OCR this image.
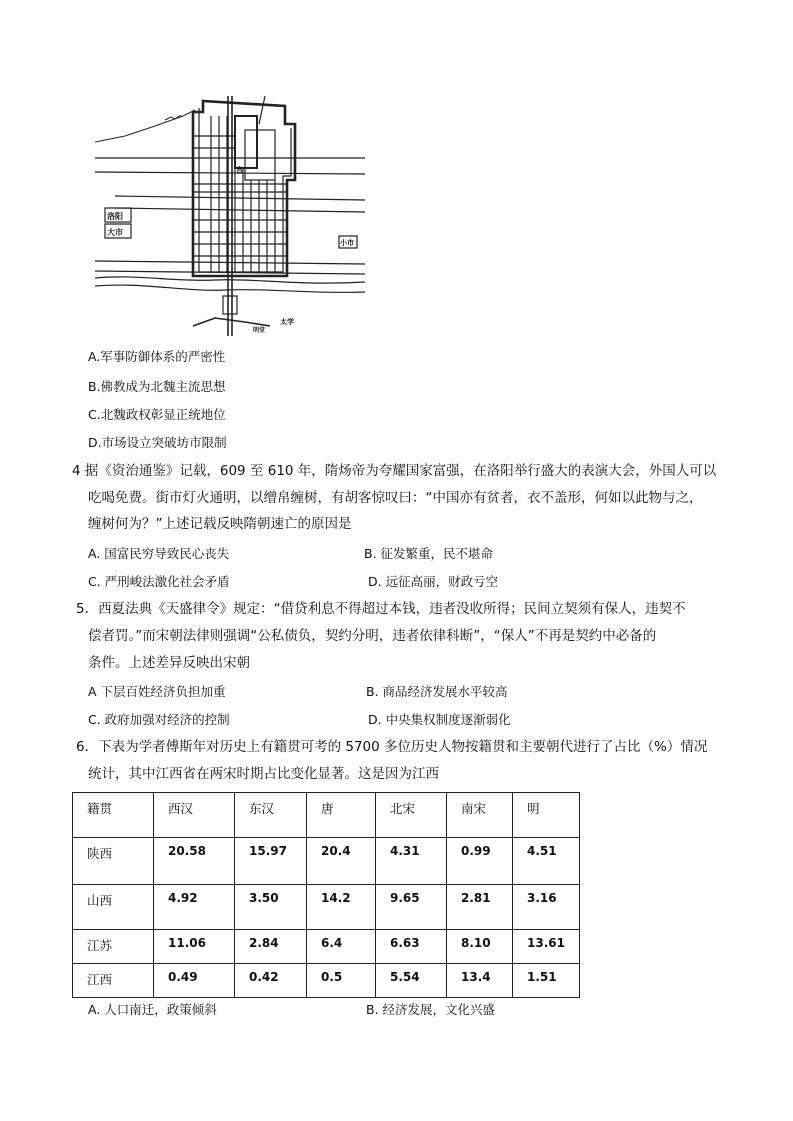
洛阳
大市
小市
宫
太学
明堂
A.军事防御体系的严密性
B.佛教成为北魏主流思想
C.北魏政权彰显正统地位
D.市场设立突破坊市限制
4 据《资治通鉴》记载，609 至 610 年，隋炀帝为夸耀国家富强，在洛阳举行盛大的表演大会，外国人可以
吃喝免费。街市灯火通明，以缯帛缠树，有胡客惊叹曰：“中国亦有贫者，衣不盖形，何如以此物与之，
缠树何为？”上述记载反映隋朝速亡的原因是
A. 国富民穷导致民心丧失	B. 征发繁重，民不堪命
C. 严刑峻法激化社会矛盾	D. 远征高丽，财政亏空
5．西夏法典《天盛律令》规定：“借贷利息不得超过本钱，违者没收所得；民间立契须有保人，违契不
偿者罚。”而宋朝法律则强调“公私债负，契约分明，违者依律科断”，“保人”不再是契约中必备的
条件。上述差异反映出宋朝
A 下层百姓经济负担加重	B. 商品经济发展水平较高
C. 政府加强对经济的控制	D. 中央集权制度逐渐弱化
6．下表为学者傅斯年对历史上有籍贯可考的 5700 多位历史人物按籍贯和主要朝代进行了占比（%）情况
统计，其中江西省在两宋时期占比变化显著。这是因为江西
籍贯	西汉	东汉	唐	北宋	南宋	明
陕西	20.58	15.97	20.4	4.31	0.99	4.51
山西	4.92	3.50	14.2	9.65	2.81	3.16
江苏	11.06	2.84	6.4	6.63	8.10	13.61
江西	0.49	0.42	0.5	5.54	13.4	1.51
A. 人口南迁，政策倾斜	B. 经济发展，文化兴盛
